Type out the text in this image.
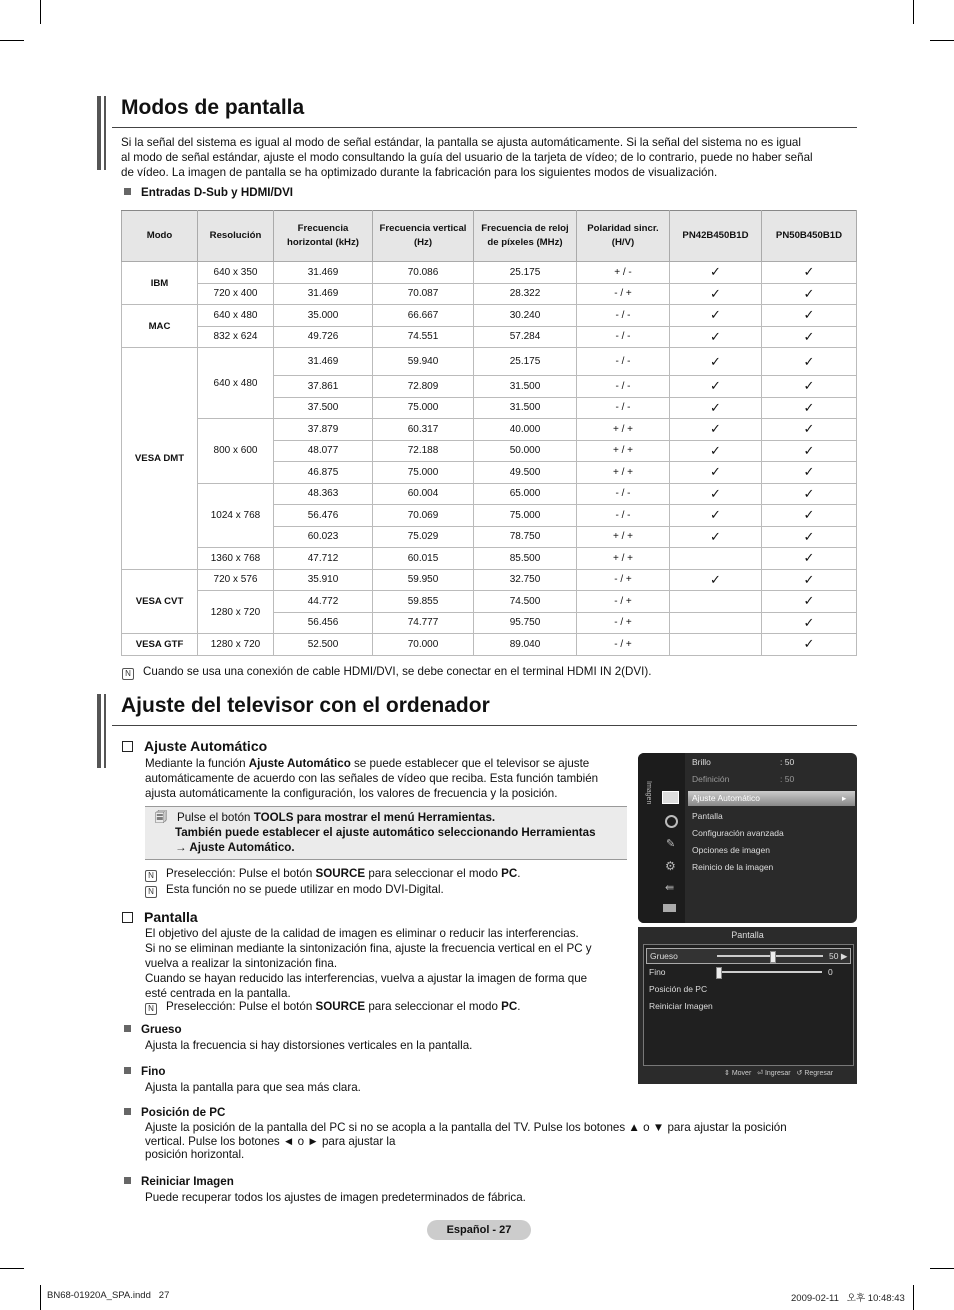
Modos de pantalla
Si la señal del sistema es igual al modo de señal estándar, la pantalla se ajusta automáticamente. Si la señal del sistema no es igual
al modo de señal estándar, ajuste el modo consultando la guía del usuario de la tarjeta de vídeo; de lo contrario, puede no haber señal
de vídeo. La imagen de pantalla se ha optimizado durante la fabricación para los siguientes modos de visualización.
Entradas D-Sub y HDMI/DVI
Modo	Resolución	Frecuencia horizontal (kHz)	Frecuencia vertical (Hz)	Frecuencia de reloj de píxeles (MHz)	Polaridad sincr. (H/V)	PN42B450B1D	PN50B450B1D
IBM	640 x 350	31.469	70.086	25.175	+ / -	✓	✓
	720 x 400	31.469	70.087	28.322	- / +	✓	✓
MAC	640 x 480	35.000	66.667	30.240	- / -	✓	✓
	832 x 624	49.726	74.551	57.284	- / -	✓	✓
VESA DMT	640 x 480	31.469	59.940	25.175	- / -	✓	✓
		37.861	72.809	31.500	- / -	✓	✓
		37.500	75.000	31.500	- / -	✓	✓
	800 x 600	37.879	60.317	40.000	+ / +	✓	✓
		48.077	72.188	50.000	+ / +	✓	✓
		46.875	75.000	49.500	+ / +	✓	✓
	1024 x 768	48.363	60.004	65.000	- / -	✓	✓
		56.476	70.069	75.000	- / -	✓	✓
		60.023	75.029	78.750	+ / +	✓	✓
	1360 x 768	47.712	60.015	85.500	+ / +		✓
VESA CVT	720 x 576	35.910	59.950	32.750	- / +	✓	✓
	1280 x 720	44.772	59.855	74.500	- / +		✓
		56.456	74.777	95.750	- / +		✓
VESA GTF	1280 x 720	52.500	70.000	89.040	- / +		✓
N Cuando se usa una conexión de cable HDMI/DVI, se debe conectar en el terminal HDMI IN 2(DVI).
Ajuste del televisor con el ordenador
Ajuste Automático
Mediante la función Ajuste Automático se puede establecer que el televisor se ajuste
automáticamente de acuerdo con las señales de vídeo que reciba. Esta función también
ajusta automáticamente la configuración, los valores de frecuencia y la posición.
🗐 Pulse el botón TOOLS para mostrar el menú Herramientas.
También puede establecer el ajuste automático seleccionando Herramientas
→ Ajuste Automático.
N Preselección: Pulse el botón SOURCE para seleccionar el modo PC.
N Esta función no se puede utilizar en modo DVI-Digital.
Pantalla
El objetivo del ajuste de la calidad de imagen es eliminar o reducir las interferencias.
Si no se eliminan mediante la sintonización fina, ajuste la frecuencia vertical en el PC y
vuelva a realizar la sintonización fina.
Cuando se hayan reducido las interferencias, vuelva a ajustar la imagen de forma que
esté centrada en la pantalla.
N Preselección: Pulse el botón SOURCE para seleccionar el modo PC.
Grueso
Ajusta la frecuencia si hay distorsiones verticales en la pantalla.
Fino
Ajusta la pantalla para que sea más clara.
Posición de PC
Ajuste la posición de la pantalla del PC si no se acopla a la pantalla del TV. Pulse los botones ▲ o ▼ para ajustar la posición
vertical. Pulse los botones ◄ o ► para ajustar la
posición horizontal.
Reiniciar Imagen
Puede recuperar todos los ajustes de imagen predeterminados de fábrica.
Imagen
✎
⚙
⇚
Brillo	: 50
Definición	: 50
Ajuste Automático	▸
Pantalla
Configuración avanzada
Opciones de imagen
Reinicio de la imagen
Pantalla
Grueso	50 ▶
Fino	0
Posición de PC
Reiniciar Imagen
⇕ Mover ⏎ Ingresar ↺ Regresar
Español - 27
BN68-01920A_SPA.indd   27	2009-02-11   오후 10:48:43
